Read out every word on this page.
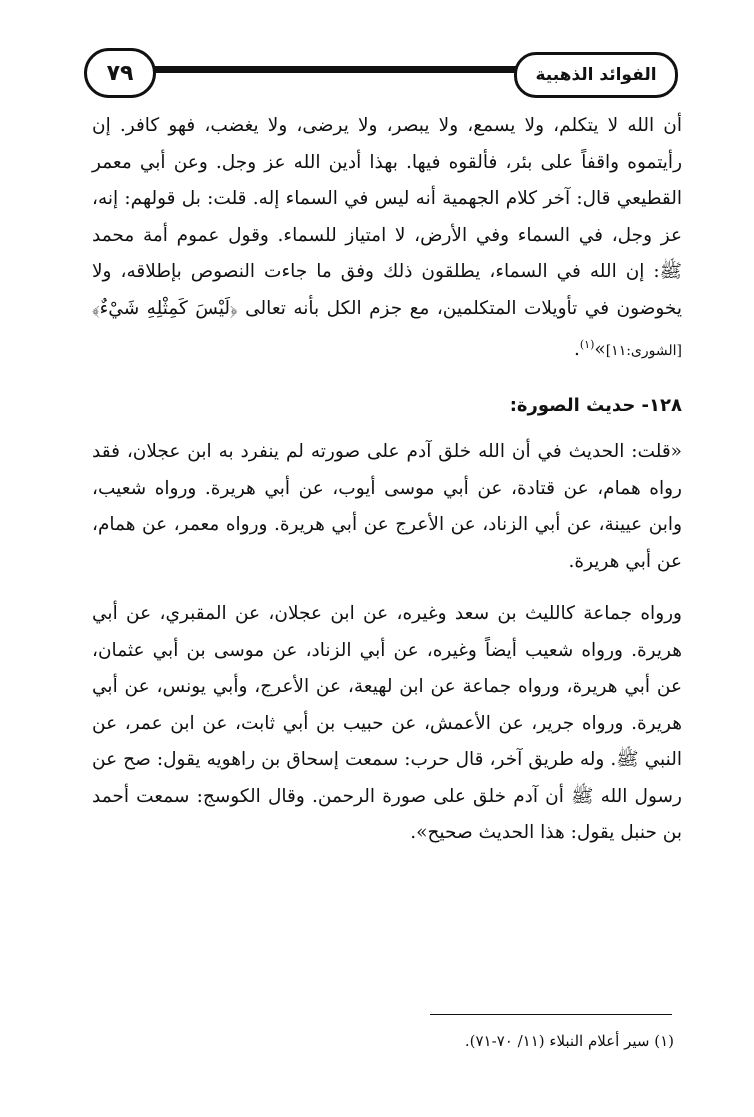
٧٩	الفوائد الذهبية

أن الله لا يتكلم، ولا يسمع، ولا يبصر، ولا يرضى، ولا يغضب، فهو كافر. إن رأيتموه واقفاً على بئر، فألقوه فيها. بهذا أدين الله عز وجل. وعن أبي معمر القطيعي قال: آخر كلام الجهمية أنه ليس في السماء إله. قلت: بل قولهم: إنه، عز وجل، في السماء وفي الأرض، لا امتياز للسماء. وقول عموم أمة محمد ﷺ: إن الله في السماء، يطلقون ذلك وفق ما جاءت النصوص بإطلاقه، ولا يخوضون في تأويلات المتكلمين، مع جزم الكل بأنه تعالى ﴿لَيْسَ كَمِثْلِهِ شَيْءٌ﴾ [الشورى:١١]»$^{(١)}$.

١٢٨- حديث الصورة:

«قلت: الحديث في أن الله خلق آدم على صورته لم ينفرد به ابن عجلان، فقد رواه همام، عن قتادة، عن أبي موسى أيوب، عن أبي هريرة. ورواه شعيب، وابن عيينة، عن أبي الزناد، عن الأعرج عن أبي هريرة. ورواه معمر، عن همام، عن أبي هريرة.

ورواه جماعة كالليث بن سعد وغيره، عن ابن عجلان، عن المقبري، عن أبي هريرة. ورواه شعيب أيضاً وغيره، عن أبي الزناد، عن موسى بن أبي عثمان، عن أبي هريرة، ورواه جماعة عن ابن لهيعة، عن الأعرج، وأبي يونس، عن أبي هريرة. ورواه جرير، عن الأعمش، عن حبيب بن أبي ثابت، عن ابن عمر، عن النبي ﷺ. وله طريق آخر، قال حرب: سمعت إسحاق بن راهويه يقول: صح عن رسول الله ﷺ أن آدم خلق على صورة الرحمن. وقال الكوسج: سمعت أحمد بن حنبل يقول: هذا الحديث صحيح».

(١) سير أعلام النبلاء (١١/ ٧٠-٧١).
